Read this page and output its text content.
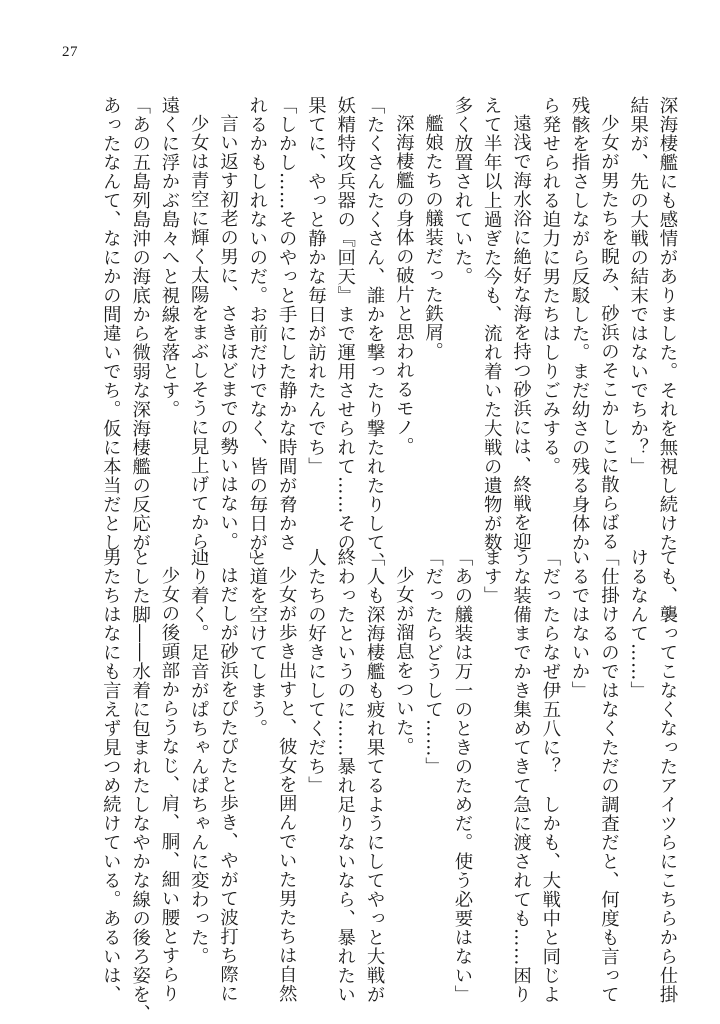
27
深海棲艦にも感情がありました。それを無視し続けた
結果が、先の大戦の結末ではないでちか？」
少女が男たちを睨み、砂浜のそこかしこに散らばる
残骸を指さしながら反駁した。まだ幼さの残る身体か
ら発せられる迫力に男たちはしりごみする。
遠浅で海水浴に絶好な海を持つ砂浜には、終戦を迎
えて半年以上過ぎた今も、流れ着いた大戦の遺物が数
多く放置されていた。
艦娘たちの艤装だった鉄屑。
深海棲艦の身体の破片と思われるモノ。
「たくさんたくさん、誰かを撃ったり撃たれたりして、
妖精特攻兵器の『回天』まで運用させられて……その
果てに、やっと静かな毎日が訪れたんでち」
「しかし……そのやっと手にした静かな時間が脅かさ
れるかもしれないのだ。お前だけでなく、皆の毎日が」
言い返す初老の男に、さきほどまでの勢いはない。
少女は青空に輝く太陽をまぶしそうに見上げてから、
遠くに浮かぶ島々へと視線を落とす。
「あの五島列島沖の海底から微弱な深海棲艦の反応が
あったなんて、なにかの間違いでち。仮に本当だとし
ても、襲ってこなくなったアイツらにこちらから仕掛
けるなんて……」
「仕掛けるのではなくただの調査だと、何度も言って
いるではないか」
「だったらなぜ伊五八に？　しかも、大戦中と同じよ
うな装備までかき集めてきて急に渡されても……困り
ます」
「あの艤装は万一のときのためだ。使う必要はない」
「だったらどうして……」
少女が溜息をついた。
「人も深海棲艦も疲れ果てるようにしてやっと大戦が
終わったというのに……暴れ足りないなら、暴れたい
人たちの好きにしてくだち」
少女が歩き出すと、彼女を囲んでいた男たちは自然
と道を空けてしまう。
はだしが砂浜をぴたぴたと歩き、やがて波打ち際に
辿り着く。足音がぱちゃんぱちゃんに変わった。
少女の後頭部からうなじ、肩、胴、細い腰とすらり
とした脚――水着に包まれたしなやかな線の後ろ姿を、
男たちはなにも言えず見つめ続けている。あるいは、
